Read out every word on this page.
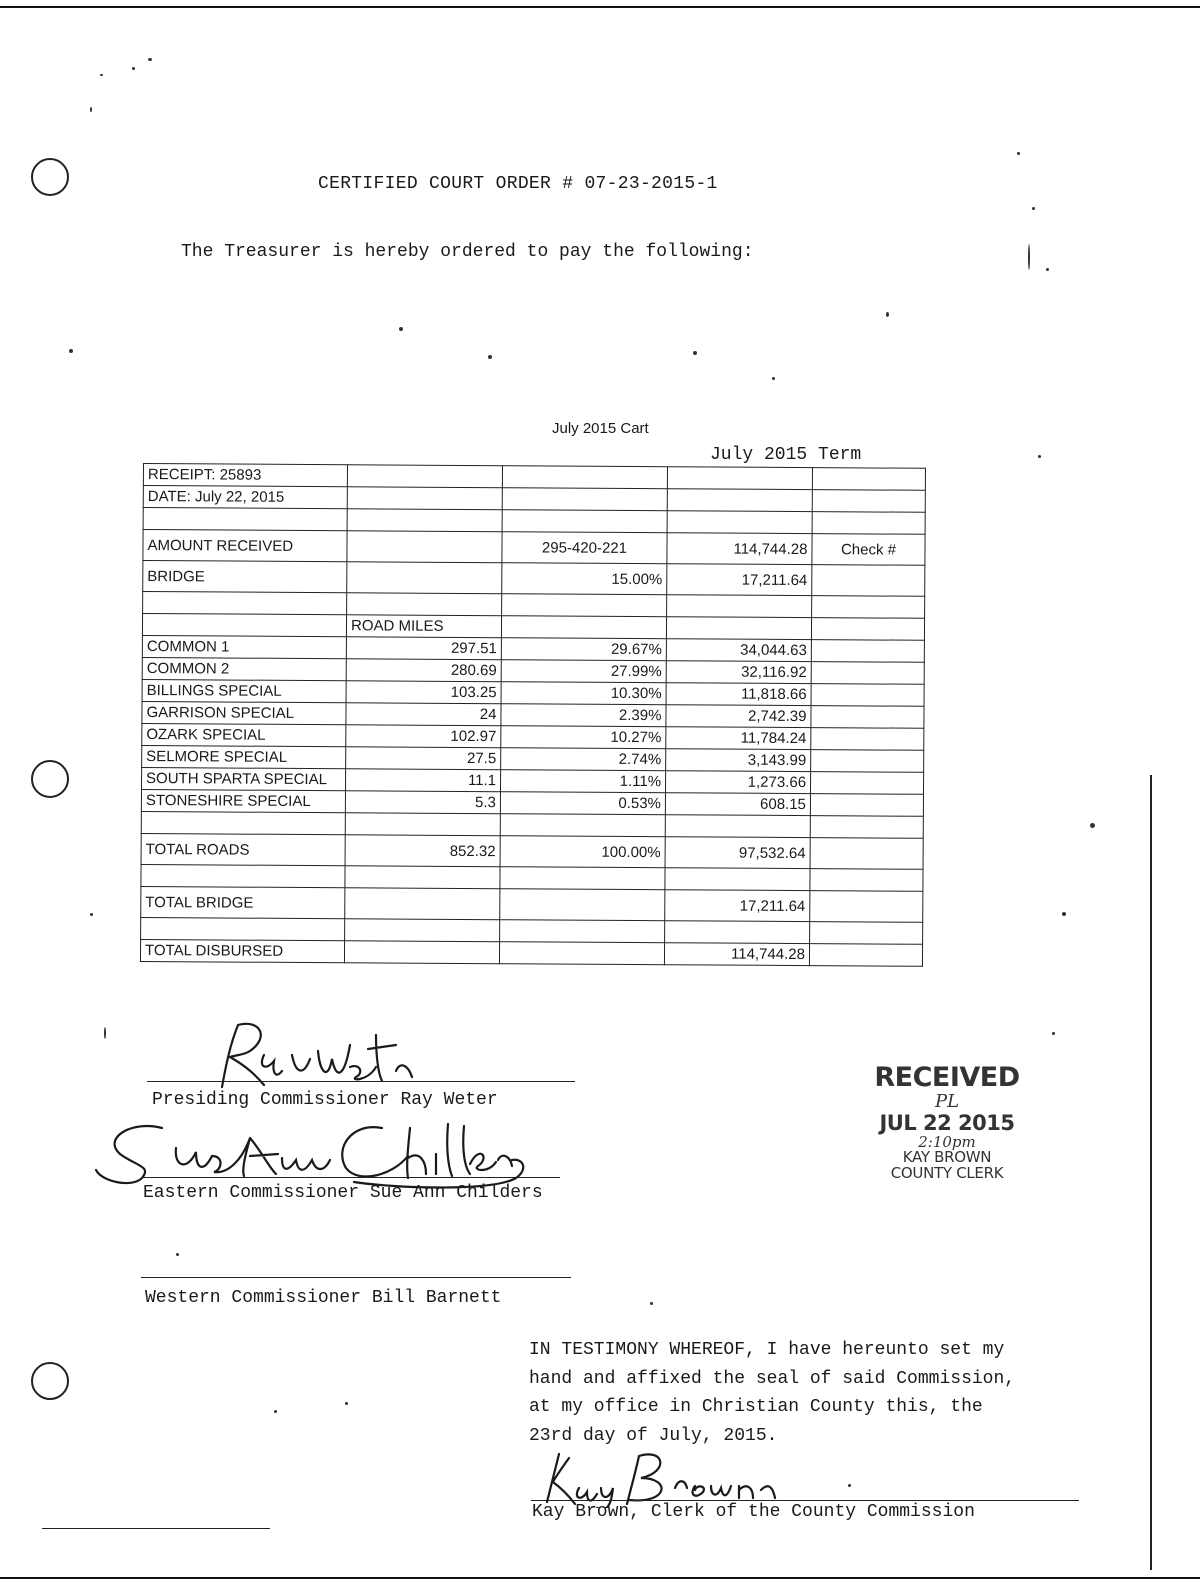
CERTIFIED COURT ORDER # 07-23-2015-1
The Treasurer is hereby ordered to pay the following:
July 2015 Cart
July 2015 Term
RECEIPT: 25893				
DATE: July 22, 2015				

AMOUNT RECEIVED		295-420-221	114,744.28	Check #
BRIDGE		15.00%	17,211.64	

	ROAD MILES			
COMMON 1	297.51	29.67%	34,044.63	
COMMON 2	280.69	27.99%	32,116.92	
BILLINGS SPECIAL	103.25	10.30%	11,818.66	
GARRISON SPECIAL	24	2.39%	2,742.39	
OZARK SPECIAL	102.97	10.27%	11,784.24	
SELMORE SPECIAL	27.5	2.74%	3,143.99	
SOUTH SPARTA SPECIAL	11.1	1.11%	1,273.66	
STONESHIRE SPECIAL	5.3	0.53%	608.15	

TOTAL ROADS	852.32	100.00%	97,532.64	

TOTAL BRIDGE			17,211.64	

TOTAL DISBURSED			114,744.28	
Presiding Commissioner Ray Weter
Eastern Commissioner Sue Ann Childers
Western Commissioner Bill Barnett
RECEIVED
PL
JUL 22 2015
2:10pm
KAY BROWN
COUNTY CLERK
IN TESTIMONY WHEREOF, I have hereunto set my
hand and affixed the seal of said Commission,
at my office in Christian County this, the
23rd day of July, 2015.
Kay Brown, Clerk of the County Commission
